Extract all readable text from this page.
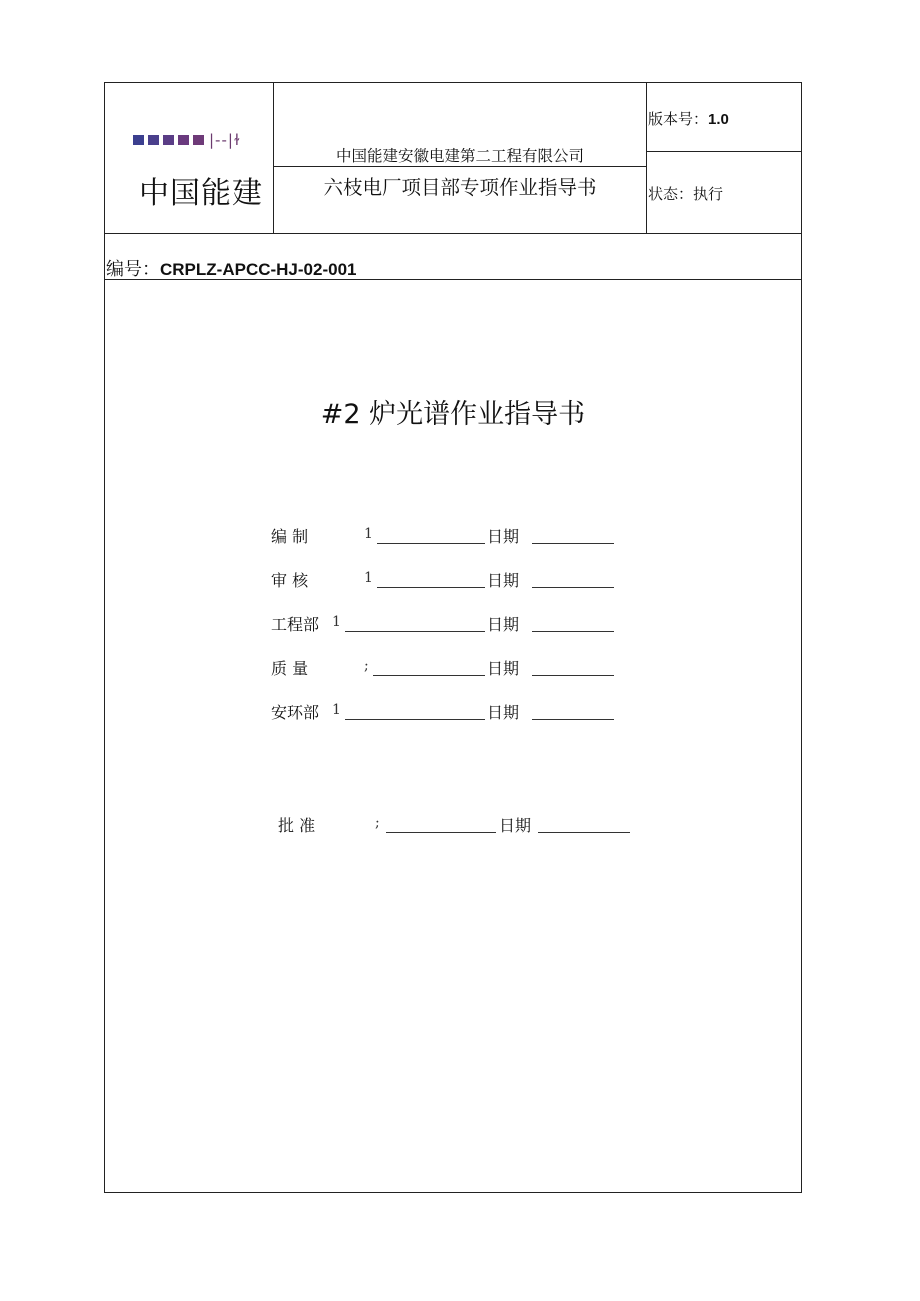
|--|ɫ
中国能建
中国能建安徽电建第二工程有限公司
六枝电厂项目部专项作业指导书
版本号：1.0
状态：执行
编号：CRPLZ-APCC-HJ-02-001
#2 炉光谱作业指导书
编 制	1	日期
审 核	1	日期
工程部 1	日期
质 量	;	日期
安环部 1	日期
批 准	;	日期
